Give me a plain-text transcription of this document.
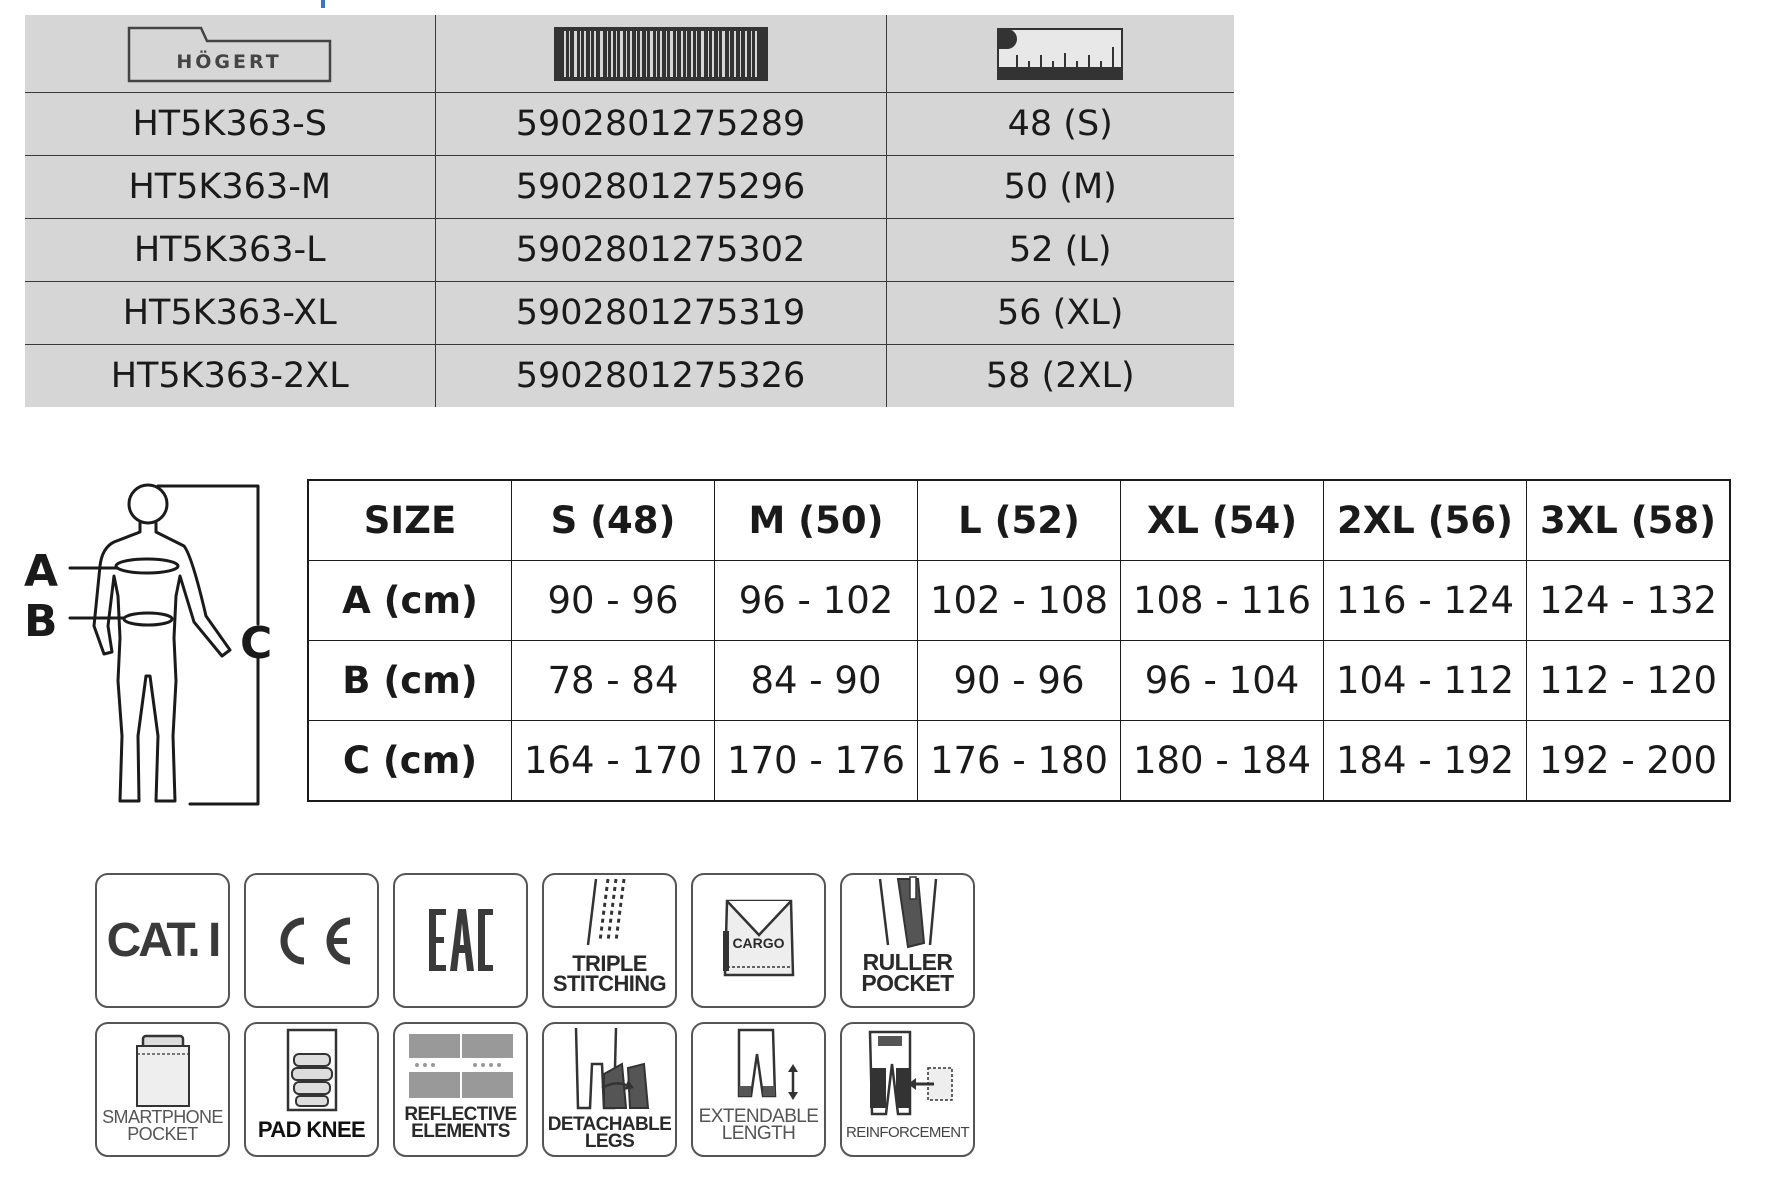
HÖGERT

HT5K363-S	5902801275289	48 (S)
HT5K363-M	5902801275296	50 (M)
HT5K363-L	5902801275302	52 (L)
HT5K363-XL	5902801275319	56 (XL)
HT5K363-2XL	5902801275326	58 (2XL)
A
B	C
SIZE	S (48)	M (50)	L (52)	XL (54)	2XL (56)	3XL (58)
A (cm)	90 - 96	96 - 102	102 - 108	108 - 116	116 - 124	124 - 132
B (cm)	78 - 84	84 - 90	90 - 96	96 - 104	104 - 112	112 - 120
C (cm)	164 - 170	170 - 176	176 - 180	180 - 184	184 - 192	192 - 200
CAT. I	TRIPLE
STITCHING
CARGO
RULLER
POCKET
SMARTPHONE
POCKET	PAD KNEE
REFLECTIVE
ELEMENTS	DETACHABLE
LEGS
EXTENDABLE
LENGTH	REINFORCEMENT
